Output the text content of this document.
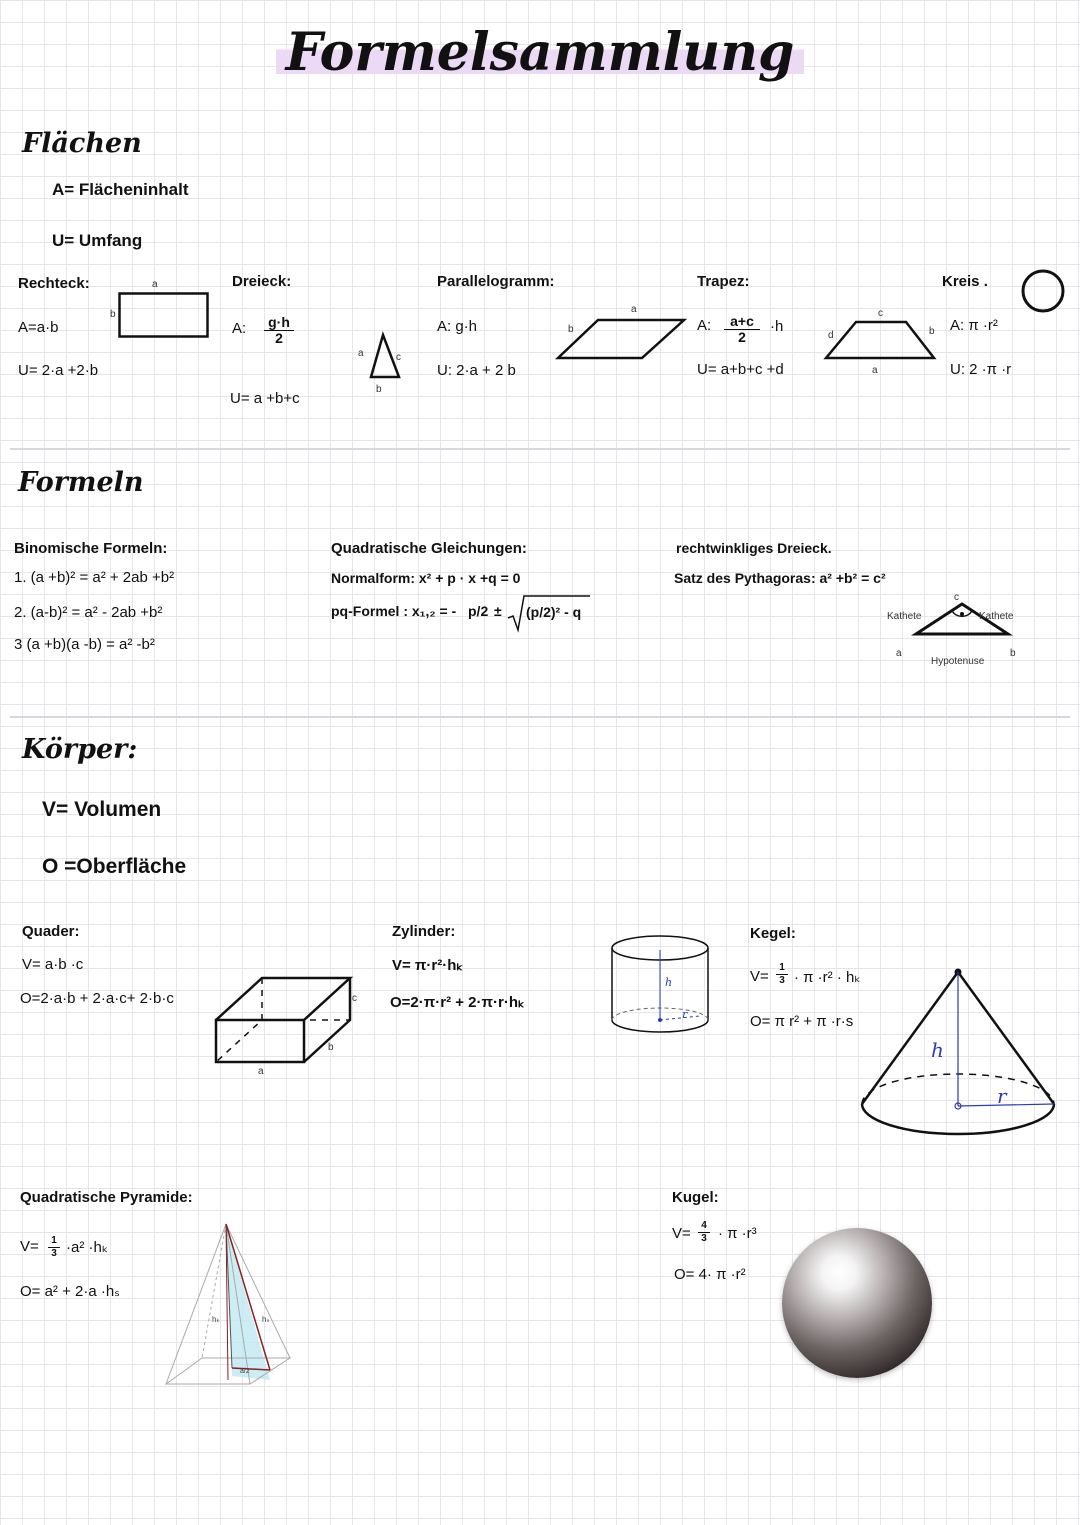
Formelsammlung
Flächen
A= Flächeninhalt
U= Umfang
Rechteck:
A=a·b
U= 2·a +2·b
a
b
Dreieck:
A: $\frac{g\cdot h}{2}$
U= a +b+c
a	c
b
Parallelogramm:
A: g·h
U: 2·a + 2 b
a
b
Trapez:
A: $\frac{a+c}{2} \cdot h$
U= a+b+c +d
c
d	b
a
Kreis .
A: π ·r²
U: 2 ·π ·r
Formeln
Binomische Formeln:
1. (a +b)² = a² + 2ab +b²
2. (a-b)² = a² - 2ab +b²
3 (a +b)(a -b) = a² -b²
Quadratische Gleichungen:
Normalform: x² + p · x +q = 0
pq-Formel : x₁,₂ = - p/2 ± (p/2)² - q
rechtwinkliges Dreieck.
Satz des Pythagoras: a² +b² = c²
Kathete	Kathete
Hypotenuse
c
a	b
Körper:
V= Volumen
O =Oberfläche
Quader:
V= a·b ·c
O=2·a·b + 2·a·c+ 2·b·c
a
b
c
Zylinder:
V= π·r²·hₖ
O=2·π·r² + 2·π·r·hₖ
h
r
Kegel:
$V= \frac{1}{3} \cdot \pi \cdot r^2 \cdot h_k$
O= π r² + π ·r·s
h
r
Quadratische Pyramide:
$V= \frac{1}{3} \cdot a^2 \cdot h_k$
O= a² + 2·a ·hₛ
hₖ	hₛ
a/2
Kugel:
$V= \frac{4}{3} \cdot \pi \cdot r^3$
O= 4· π ·r²
